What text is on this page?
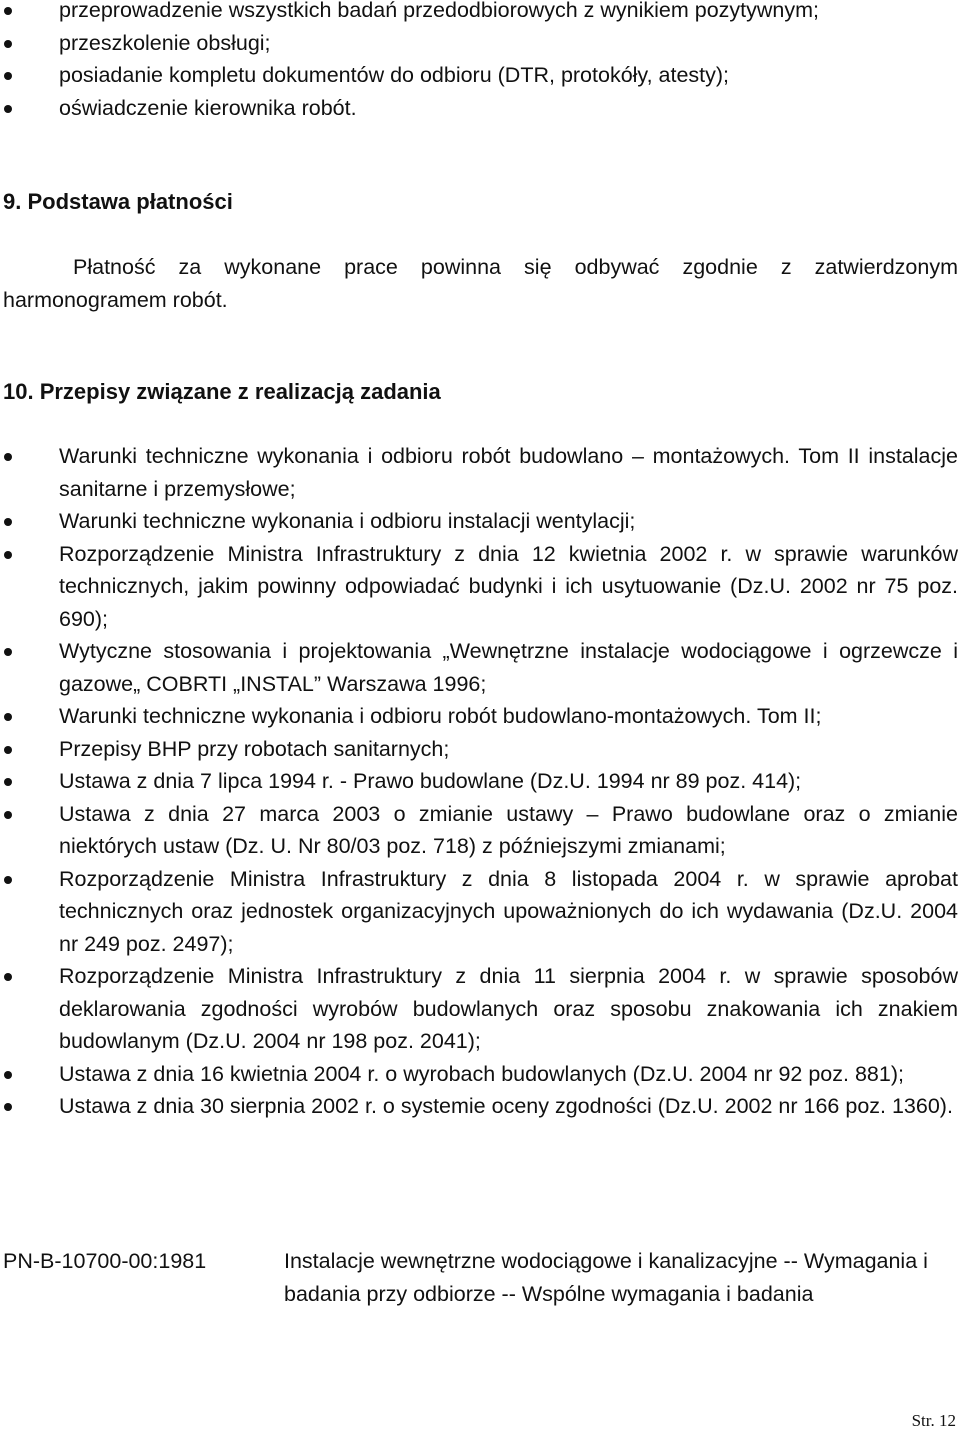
przeprowadzenie wszystkich badań przedodbiorowych z wynikiem pozytywnym;
przeszkolenie obsługi;
posiadanie kompletu dokumentów do odbioru (DTR, protokóły, atesty);
oświadczenie kierownika robót.
9. Podstawa płatności

Płatność za wykonane prace powinna się odbywać zgodnie z zatwierdzonym harmonogramem robót.

10. Przepisy związane z realizacją zadania
Warunki techniczne wykonania i odbioru robót budowlano – montażowych. Tom II instalacje sanitarne i przemysłowe;
Warunki techniczne wykonania i odbioru instalacji wentylacji;
Rozporządzenie Ministra Infrastruktury z dnia 12 kwietnia 2002 r. w sprawie warunków technicznych, jakim powinny odpowiadać budynki i ich usytuowanie (Dz.U. 2002 nr 75 poz. 690);
Wytyczne stosowania i projektowania „Wewnętrzne instalacje wodociągowe i ogrzewcze i gazowe„ COBRTI „INSTAL” Warszawa 1996;
Warunki techniczne wykonania i odbioru robót budowlano-montażowych. Tom II;
Przepisy BHP przy robotach sanitarnych;
Ustawa z dnia 7 lipca 1994 r. - Prawo budowlane (Dz.U. 1994 nr 89 poz. 414);
Ustawa z dnia 27 marca 2003 o zmianie ustawy – Prawo budowlane oraz o zmianie niektórych ustaw (Dz. U. Nr 80/03 poz. 718) z późniejszymi zmianami;
Rozporządzenie Ministra Infrastruktury z dnia 8 listopada 2004 r. w sprawie aprobat technicznych oraz jednostek organizacyjnych upoważnionych do ich wydawania (Dz.U. 2004 nr 249 poz. 2497);
Rozporządzenie Ministra Infrastruktury z dnia 11 sierpnia 2004 r. w sprawie sposobów deklarowania zgodności wyrobów budowlanych oraz sposobu znakowania ich znakiem budowlanym (Dz.U. 2004 nr 198 poz. 2041);
Ustawa z dnia 16 kwietnia 2004 r. o wyrobach budowlanych (Dz.U. 2004 nr 92 poz. 881);
Ustawa z dnia 30 sierpnia 2002 r. o systemie oceny zgodności (Dz.U. 2002 nr 166 poz. 1360).
PN-B-10700-00:1981	Instalacje wewnętrzne wodociągowe i kanalizacyjne -- Wymagania i badania przy odbiorze -- Wspólne wymagania i badania
Str. 12
